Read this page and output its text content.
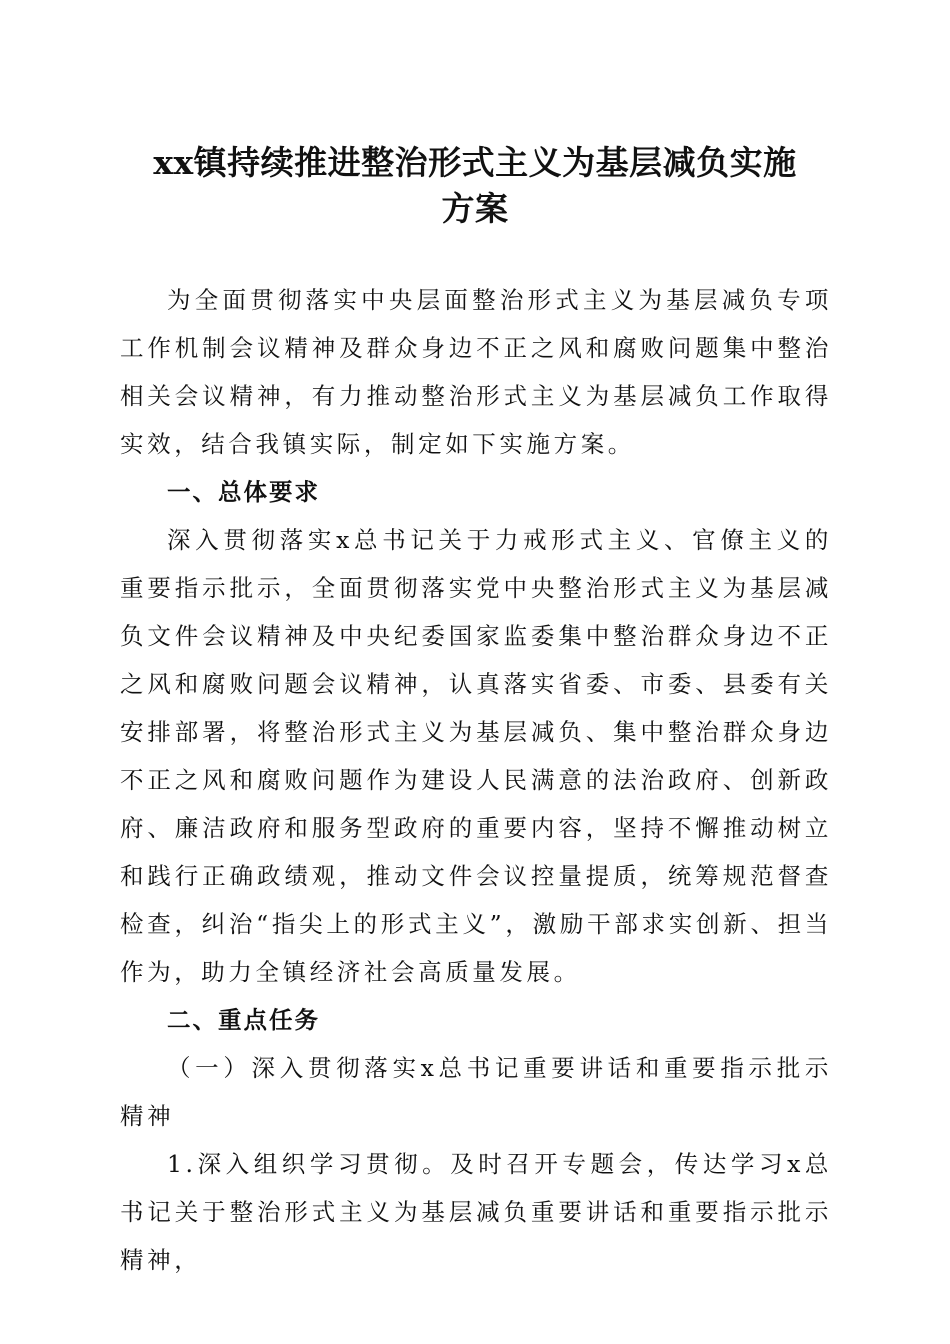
xx镇持续推进整治形式主义为基层减负实施
方案

为全面贯彻落实中央层面整治形式主义为基层减负专项工作机制会议精神及群众身边不正之风和腐败问题集中整治相关会议精神，有力推动整治形式主义为基层减负工作取得实效，结合我镇实际，制定如下实施方案。

一、总体要求

深入贯彻落实x总书记关于力戒形式主义、官僚主义的重要指示批示，全面贯彻落实党中央整治形式主义为基层减负文件会议精神及中央纪委国家监委集中整治群众身边不正之风和腐败问题会议精神，认真落实省委、市委、县委有关安排部署，将整治形式主义为基层减负、集中整治群众身边不正之风和腐败问题作为建设人民满意的法治政府、创新政府、廉洁政府和服务型政府的重要内容，坚持不懈推动树立和践行正确政绩观，推动文件会议控量提质，统筹规范督查检查，纠治“指尖上的形式主义”，激励干部求实创新、担当作为，助力全镇经济社会高质量发展。

二、重点任务

（一）深入贯彻落实x总书记重要讲话和重要指示批示精神

1.深入组织学习贯彻。及时召开专题会，传达学习x总书记关于整治形式主义为基层减负重要讲话和重要指示批示精神，
